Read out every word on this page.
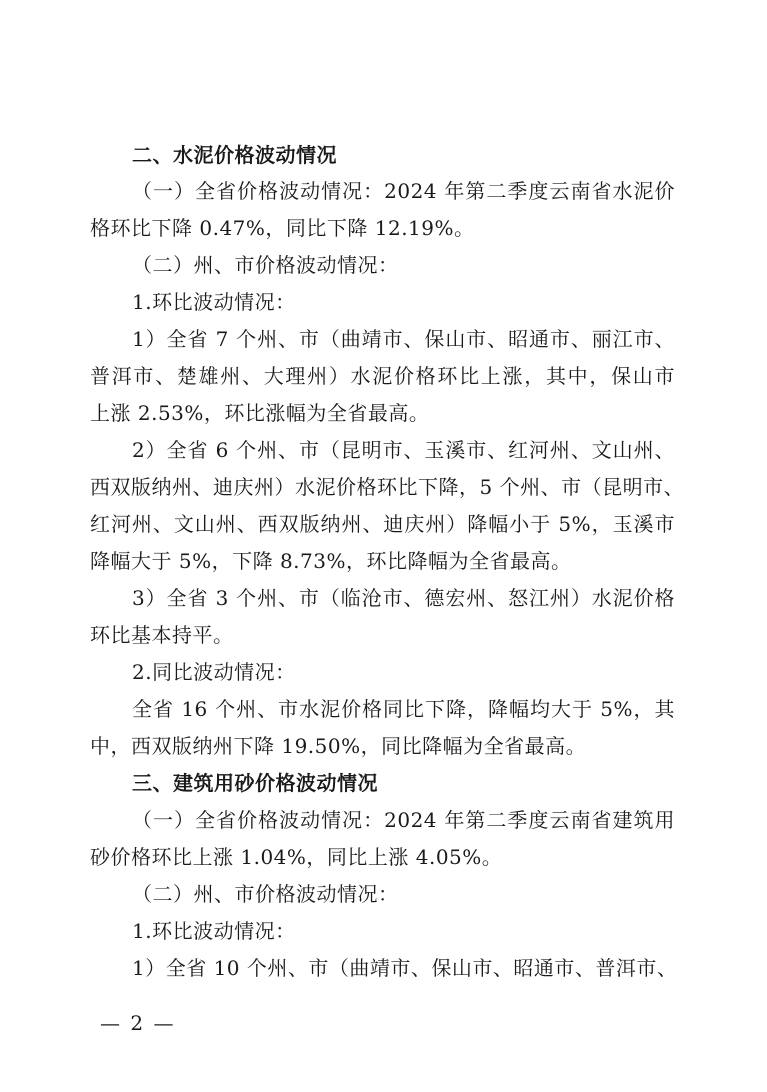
二、水泥价格波动情况
（一）全省价格波动情况：2024 年第二季度云南省水泥价
格环比下降 0.47%，同比下降 12.19%。
（二）州、市价格波动情况：
1.环比波动情况：
1）全省 7 个州、市（曲靖市、保山市、昭通市、丽江市、
普洱市、楚雄州、大理州）水泥价格环比上涨，其中，保山市
上涨 2.53%，环比涨幅为全省最高。
2）全省 6 个州、市（昆明市、玉溪市、红河州、文山州、
西双版纳州、迪庆州）水泥价格环比下降，5 个州、市（昆明市、
红河州、文山州、西双版纳州、迪庆州）降幅小于 5%，玉溪市
降幅大于 5%，下降 8.73%，环比降幅为全省最高。
3）全省 3 个州、市（临沧市、德宏州、怒江州）水泥价格
环比基本持平。
2.同比波动情况：
全省 16 个州、市水泥价格同比下降，降幅均大于 5%，其
中，西双版纳州下降 19.50%，同比降幅为全省最高。
三、建筑用砂价格波动情况
（一）全省价格波动情况：2024 年第二季度云南省建筑用
砂价格环比上涨 1.04%，同比上涨 4.05%。
（二）州、市价格波动情况：
1.环比波动情况：
1）全省 10 个州、市（曲靖市、保山市、昭通市、普洱市、
— 2 —
